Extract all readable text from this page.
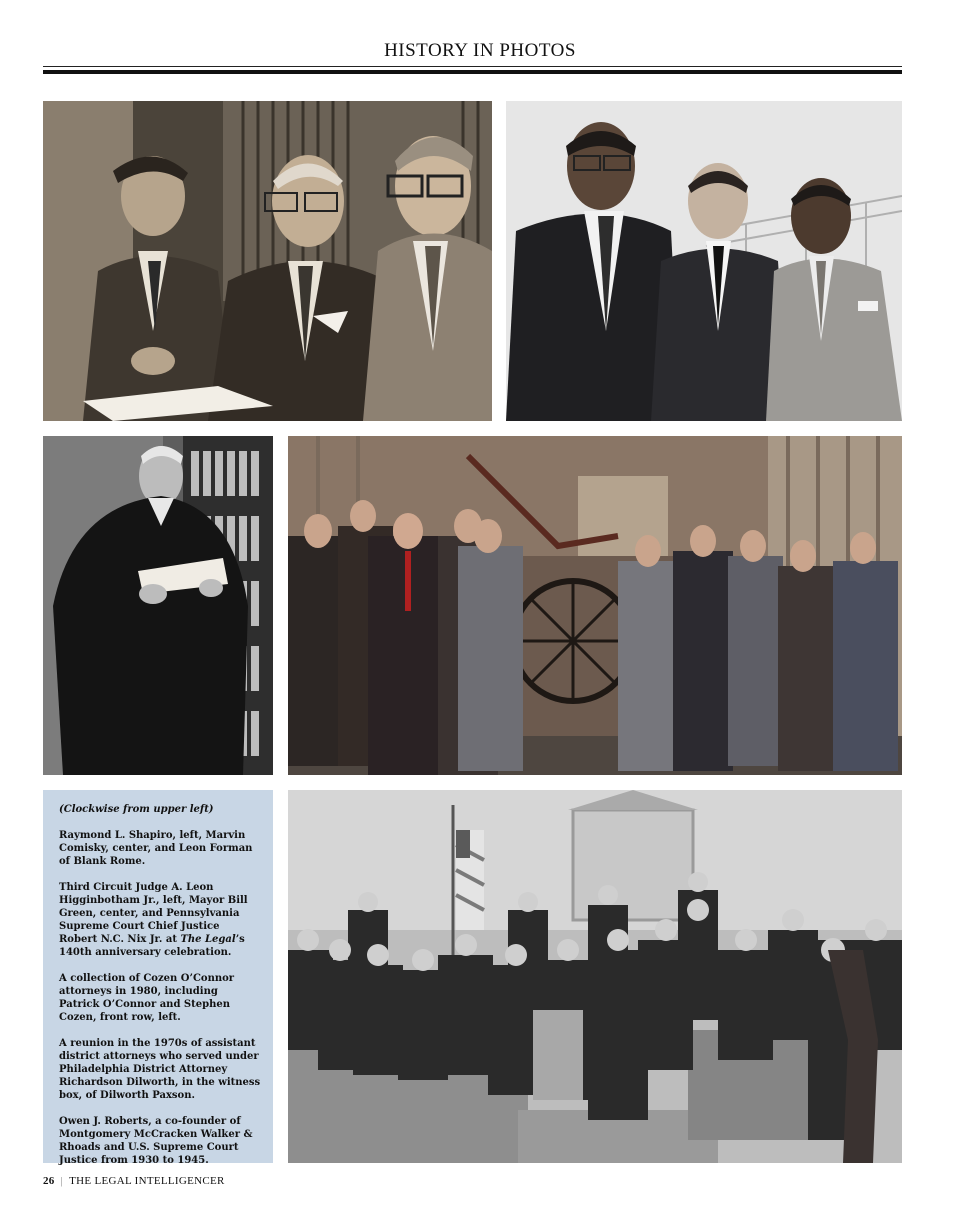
HISTORY IN PHOTOS

(Clockwise from upper left)

Raymond L. Shapiro, left, Marvin Comisky, center, and Leon Forman of Blank Rome.

Third Circuit Judge A. Leon Higginbotham Jr., left, Mayor Bill Green, center, and Pennsylvania Supreme Court Chief Justice Robert N.C. Nix Jr. at The Legal’s 140th anniversary celebration.

A collection of Cozen O’Connor attorneys in 1980, including Patrick O’Connor and Stephen Cozen, front row, left.

A reunion in the 1970s of assistant district attorneys who served under Philadelphia District Attorney Richardson Dilworth, in the witness box, of Dilworth Paxson.

Owen J. Roberts, a co-founder of Montgomery McCracken Walker & Rhoads and U.S. Supreme Court Justice from 1930 to 1945.

26 | THE LEGAL INTELLIGENCER
